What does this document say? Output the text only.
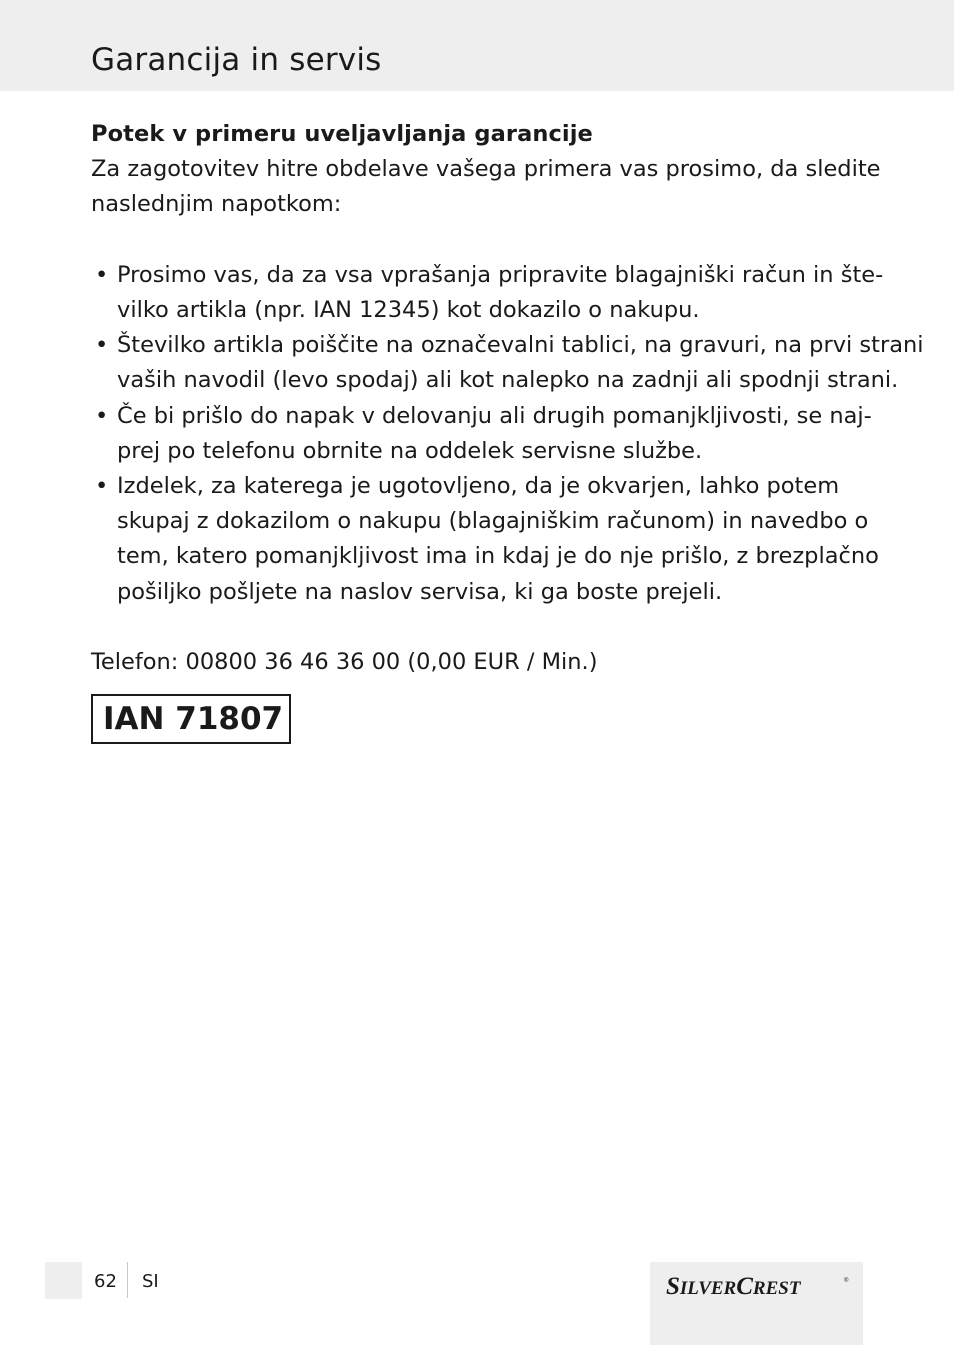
Garancija in servis
Potek v primeru uveljavljanja garancije

Za zagotovitev hitre obdelave vašega primera vas prosimo, da sledite
naslednjim napotkom:

• Prosimo vas, da za vsa vprašanja pripravite blagajniški račun in šte-
vilko artikla (npr. IAN 12345) kot dokazilo o nakupu.
• Številko artikla poiščite na označevalni tablici, na gravuri, na prvi strani
vaših navodil (levo spodaj) ali kot nalepko na zadnji ali spodnji strani.
• Če bi prišlo do napak v delovanju ali drugih pomanjkljivosti, se naj-
prej po telefonu obrnite na oddelek servisne službe.
• Izdelek, za katerega je ugotovljeno, da je okvarjen, lahko potem
skupaj z dokazilom o nakupu (blagajniškim računom) in navedbo o
tem, katero pomanjkljivost ima in kdaj je do nje prišlo, z brezplačno
pošiljko pošljete na naslov servisa, ki ga boste prejeli.

Telefon: 00800 36 46 36 00 (0,00 EUR / Min.)

IAN 71807
62 SI	SILVERCREST	®
